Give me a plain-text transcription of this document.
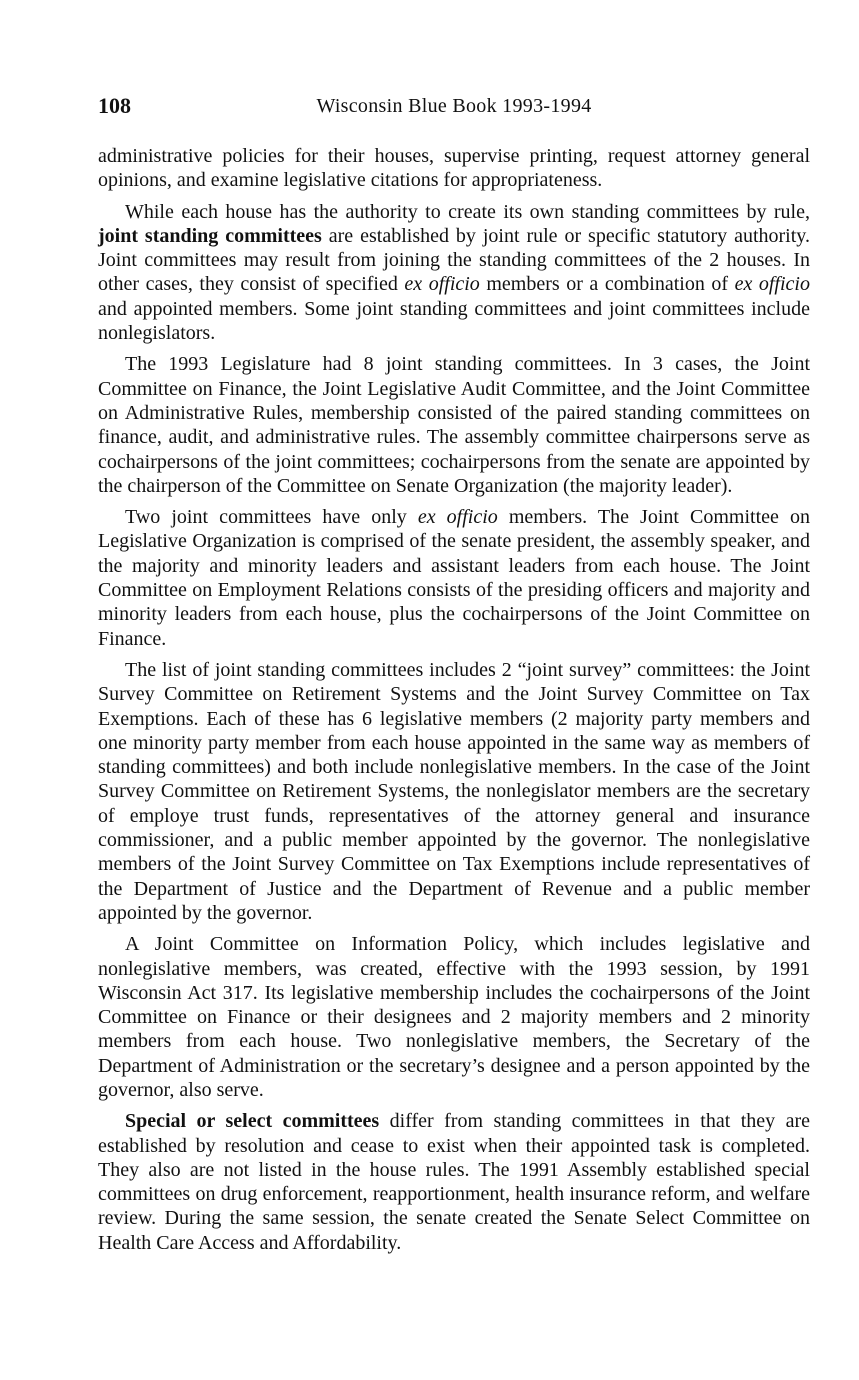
108	Wisconsin Blue Book 1993-1994

administrative policies for their houses, supervise printing, request attorney general opinions, and examine legislative citations for appropriateness.

While each house has the authority to create its own standing committees by rule, joint standing committees are established by joint rule or specific statutory authority. Joint committees may result from joining the standing committees of the 2 houses. In other cases, they consist of specified ex officio members or a combination of ex officio and appointed members. Some joint standing committees and joint committees include nonlegislators.

The 1993 Legislature had 8 joint standing committees. In 3 cases, the Joint Committee on Finance, the Joint Legislative Audit Committee, and the Joint Committee on Administrative Rules, membership consisted of the paired standing committees on finance, audit, and administrative rules. The assembly committee chairpersons serve as cochairpersons of the joint committees; cochairpersons from the senate are appointed by the chairperson of the Committee on Senate Organization (the majority leader).

Two joint committees have only ex officio members. The Joint Committee on Legislative Organization is comprised of the senate president, the assembly speaker, and the majority and minority leaders and assistant leaders from each house. The Joint Committee on Employment Relations consists of the presiding officers and majority and minority leaders from each house, plus the cochairpersons of the Joint Committee on Finance.

The list of joint standing committees includes 2 “joint survey” committees: the Joint Survey Committee on Retirement Systems and the Joint Survey Committee on Tax Exemptions. Each of these has 6 legislative members (2 majority party members and one minority party member from each house appointed in the same way as members of standing committees) and both include nonlegislative members. In the case of the Joint Survey Committee on Retirement Systems, the nonlegislator members are the secretary of employe trust funds, representatives of the attorney general and insurance commissioner, and a public member appointed by the governor. The nonlegislative members of the Joint Survey Committee on Tax Exemptions include representatives of the Department of Justice and the Department of Revenue and a public member appointed by the governor.

A Joint Committee on Information Policy, which includes legislative and nonlegislative members, was created, effective with the 1993 session, by 1991 Wisconsin Act 317. Its legislative membership includes the cochairpersons of the Joint Committee on Finance or their designees and 2 majority members and 2 minority members from each house. Two nonlegislative members, the Secretary of the Department of Administration or the secretary’s designee and a person appointed by the governor, also serve.

Special or select committees differ from standing committees in that they are established by resolution and cease to exist when their appointed task is completed. They also are not listed in the house rules. The 1991 Assembly established special committees on drug enforcement, reapportionment, health insurance reform, and welfare review. During the same session, the senate created the Senate Select Committee on Health Care Access and Affordability.
